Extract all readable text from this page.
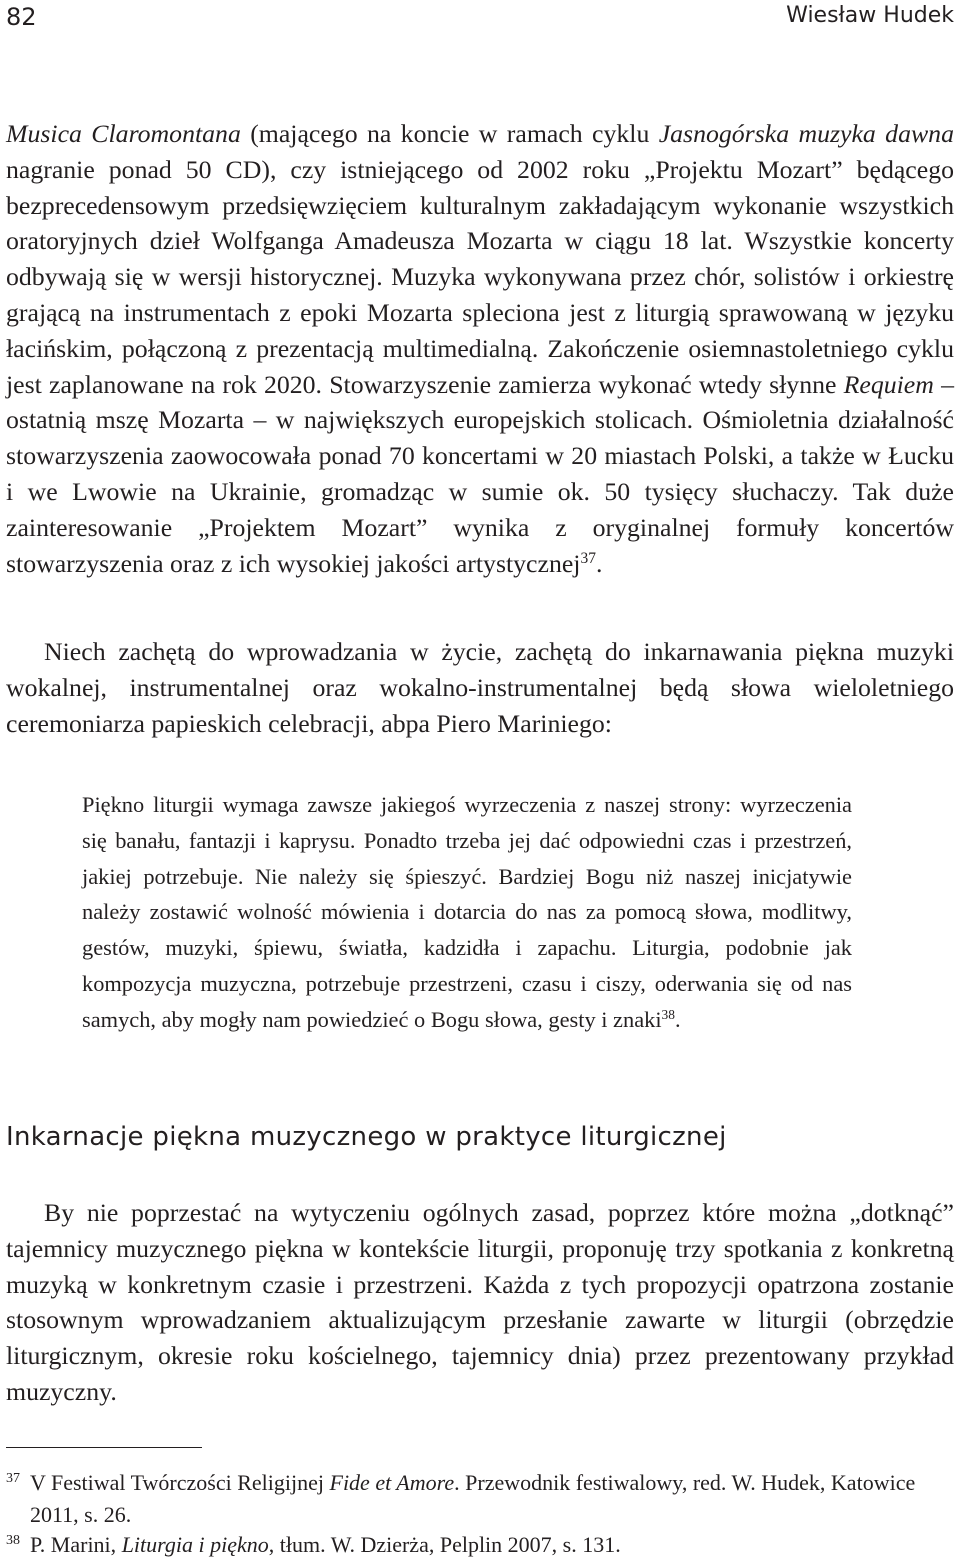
82	Wiesław Hudek

Musica Claromontana (mającego na koncie w ramach cyklu Jasnogórska muzyka dawna nagranie ponad 50 CD), czy istniejącego od 2002 roku „Projektu Mozart” będącego bezprecedensowym przedsięwzięciem kulturalnym zakładającym wykonanie wszystkich oratoryjnych dzieł Wolfganga Amadeusza Mozarta w ciągu 18 lat. Wszystkie koncerty odbywają się w wersji historycznej. Muzyka wykonywana przez chór, solistów i orkiestrę grającą na instrumentach z epoki Mozarta spleciona jest z liturgią sprawowaną w języku łacińskim, połączoną z prezentacją multimedialną. Zakończenie osiemnastoletniego cyklu jest zaplanowane na rok 2020. Stowarzyszenie zamierza wykonać wtedy słynne Requiem – ostatnią mszę Mozarta – w największych europejskich stolicach. Ośmioletnia działalność stowarzyszenia zaowocowała ponad 70 koncertami w 20 miastach Polski, a także w Łucku i we Lwowie na Ukrainie, gromadząc w sumie ok. 50 tysięcy słuchaczy. Tak duże zainteresowanie „Projektem Mozart” wynika z oryginalnej formuły koncertów stowarzyszenia oraz z ich wysokiej jakości artystycznej$^{37}$.

Niech zachętą do wprowadzania w życie, zachętą do inkarnawania piękna muzyki wokalnej, instrumentalnej oraz wokalno-instrumentalnej będą słowa wieloletniego ceremoniarza papieskich celebracji, abpa Piero Mariniego:

Piękno liturgii wymaga zawsze jakiegoś wyrzeczenia z naszej strony: wyrzeczenia się banału, fantazji i kaprysu. Ponadto trzeba jej dać odpowiedni czas i przestrzeń, jakiej potrzebuje. Nie należy się śpieszyć. Bardziej Bogu niż naszej inicjatywie należy zostawić wolność mówienia i dotarcia do nas za pomocą słowa, modlitwy, gestów, muzyki, śpiewu, światła, kadzidła i zapachu. Liturgia, podobnie jak kompozycja muzyczna, potrzebuje przestrzeni, czasu i ciszy, oderwania się od nas samych, aby mogły nam powiedzieć o Bogu słowa, gesty i znaki$^{38}$.

Inkarnacje piękna muzycznego w praktyce liturgicznej

By nie poprzestać na wytyczeniu ogólnych zasad, poprzez które można „dotknąć” tajemnicy muzycznego piękna w kontekście liturgii, proponuję trzy spotkania z konkretną muzyką w konkretnym czasie i przestrzeni. Każda z tych propozycji opatrzona zostanie stosownym wprowadzaniem aktualizującym przesłanie zawarte w liturgii (obrzędzie liturgicznym, okresie roku kościelnego, tajemnicy dnia) przez prezentowany przykład muzyczny.

37 V Festiwal Twórczości Religijnej Fide et Amore. Przewodnik festiwalowy, red. W. Hudek, Katowice 2011, s. 26.
38 P. Marini, Liturgia i piękno, tłum. W. Dzierża, Pelplin 2007, s. 131.
